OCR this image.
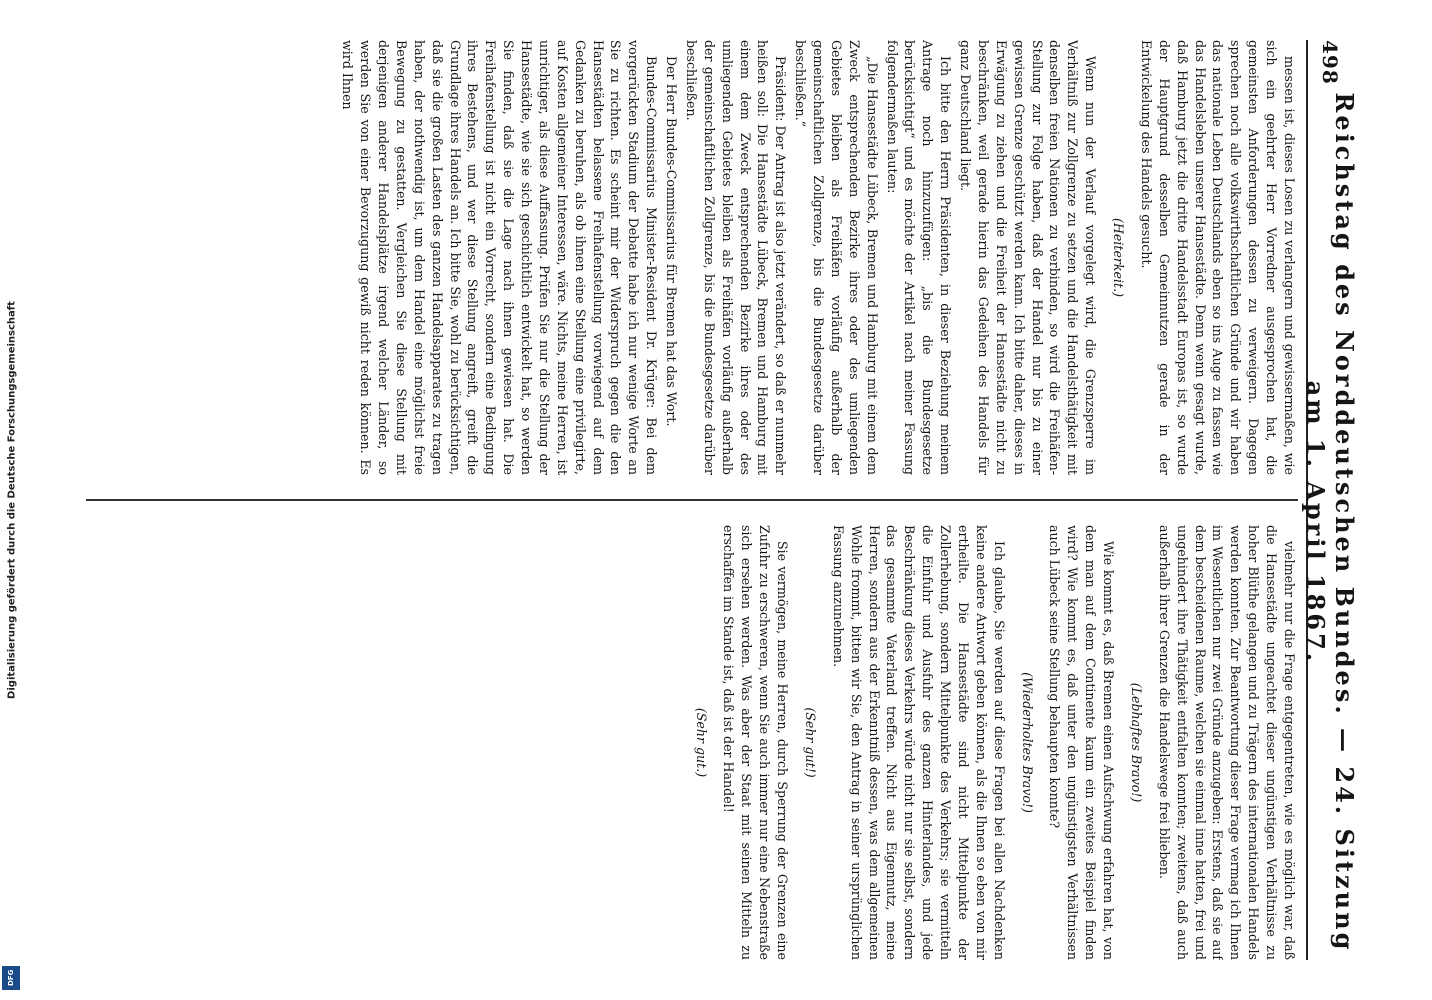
498
Reichstag des Norddeutschen Bundes. — 24. Sitzung am 1. April 1867.

messen ist, dieses Losen zu verlangern und gewissermaßen, wie sich ein geehrter Herr Vorredner ausgesprochen hat, die gemeinsten Anforderungen dessen zu verweigern. Dagegen sprechen noch alle volkswirthschaftlichen Gründe und wir haben das nationale Leben Deutschlands eben so ins Auge zu fassen wie das Handelsleben unserer Hansestädte. Denn wenn gesagt wurde, daß Hamburg jetzt die dritte Handelsstadt Europas ist, so wurde der Hauptgrund desselben Gemeinnutzen gerade in der Entwickelung des Handels gesucht.

(Heiterkeit.)

Wenn nun der Verlauf vorgelegt wird, die Grenzsperre im Verhältniß zur Zollgrenze zu setzen und die Handelsthätigkeit mit denselben freien Nationen zu verbinden, so wird die Freihäfen-Stellung zur Folge haben, daß der Handel nur bis zu einer gewissen Grenze geschützt werden kann. Ich bitte daher, dieses in Erwägung zu ziehen und die Freiheit der Hansestädte nicht zu beschränken, weil gerade hierin das Gedeihen des Handels für ganz Deutschland liegt.

Ich bitte den Herrn Präsidenten, in dieser Beziehung meinem Antrage noch hinzuzufügen: „bis die Bundesgesetze berücksichtigt“ und es möchte der Artikel nach meiner Fassung folgendermaßen lauten:

„Die Hansestädte Lübeck, Bremen und Hamburg mit einem dem Zweck entsprechenden Bezirke ihres oder des umliegenden Gebietes bleiben als Freihäfen vorläufig außerhalb der gemeinschaftlichen Zollgrenze, bis die Bundesgesetze darüber beschließen.“

Präsident: Der Antrag ist also jetzt verändert, so daß er nunmehr heißen soll: Die Hansestädte Lübeck, Bremen und Hamburg mit einem dem Zweck entsprechenden Bezirke ihres oder des umliegenden Gebietes bleiben als Freihäfen vorläufig außerhalb der gemeinschaftlichen Zollgrenze, bis die Bundesgesetze darüber beschließen.

Der Herr Bundes-Commissarius für Bremen hat das Wort.

Bundes-Commissarius Minister-Resident Dr. Krüger: Bei dem vorgerückten Stadium der Debatte habe ich nur wenige Worte an Sie zu richten. Es scheint mir der Widerspruch gegen die den Hansestädten belassene Freihafenstellung vorwiegend auf dem Gedanken zu beruhen, als ob ihnen eine Stellung eine privilegirte, auf Kosten allgemeiner Interessen, wäre. Nichts, meine Herren, ist unrichtiger, als diese Auffassung. Prüfen Sie nur die Stellung der Hansestädte, wie sie sich geschichtlich entwickelt hat, so werden Sie finden, daß sie die Lage nach ihnen gewiesen hat. Die Freihafenstellung ist nicht ein Vorrecht, sondern eine Bedingung ihres Bestehens, und wer diese Stellung angreift, greift die Grundlage ihres Handels an. Ich bitte Sie, wohl zu berücksichtigen, daß sie die großen Lasten des ganzen Handelsapparates zu tragen haben, der nothwendig ist, um dem Handel eine möglichst freie Bewegung zu gestatten. Vergleichen Sie diese Stellung mit derjenigen anderer Handelsplätze irgend welcher Länder, so werden Sie von einer Bevorzugung gewiß nicht reden können. Es wird Ihnen

vielmehr nur die Frage entgegentreten, wie es möglich war, daß die Hansestädte ungeachtet dieser ungünstigen Verhältnisse zu hoher Blüthe gelangen und zu Trägern des internationalen Handels werden konnten. Zur Beantwortung dieser Frage vermag ich Ihnen im Wesentlichen nur zwei Gründe anzugeben: Erstens, daß sie auf dem bescheidenen Raume, welchen sie einmal inne hatten, frei und ungehindert ihre Thätigkeit entfalten konnten; zweitens, daß auch außerhalb ihrer Grenzen die Handelswege frei blieben.

(Lebhaftes Bravo!)

Wie kommt es, daß Bremen einen Aufschwung erfahren hat, von dem man auf dem Continente kaum ein zweites Beispiel finden wird? Wie kommt es, daß unter den ungünstigsten Verhältnissen auch Lübeck seine Stellung behaupten konnte?

(Wiederholtes Bravo!)

Ich glaube, Sie werden auf diese Fragen bei allen Nachdenken keine andere Antwort geben können, als die Ihnen so eben von mir ertheilte. Die Hansestädte sind nicht Mittelpunkte der Zollerhebung, sondern Mittelpunkte des Verkehrs; sie vermitteln die Einfuhr und Ausfuhr des ganzen Hinterlandes, und jede Beschränkung dieses Verkehrs würde nicht nur sie selbst, sondern das gesammte Vaterland treffen. Nicht aus Eigennutz, meine Herren, sondern aus der Erkenntniß dessen, was dem allgemeinen Wohle frommt, bitten wir Sie, den Antrag in seiner ursprünglichen Fassung anzunehmen.

(Sehr gut!)

Sie vermögen, meine Herren, durch Sperrung der Grenzen eine Zufuhr zu erschweren, wenn Sie auch immer nur eine Nebenstraße sich ersehen werden. Was aber der Staat mit seinen Mitteln zu erschaffen im Stande ist, daß ist der Handel!

(Sehr gut.)

Digitalisierung gefördert durch die Deutsche Forschungsgemeinschaft
DFG
